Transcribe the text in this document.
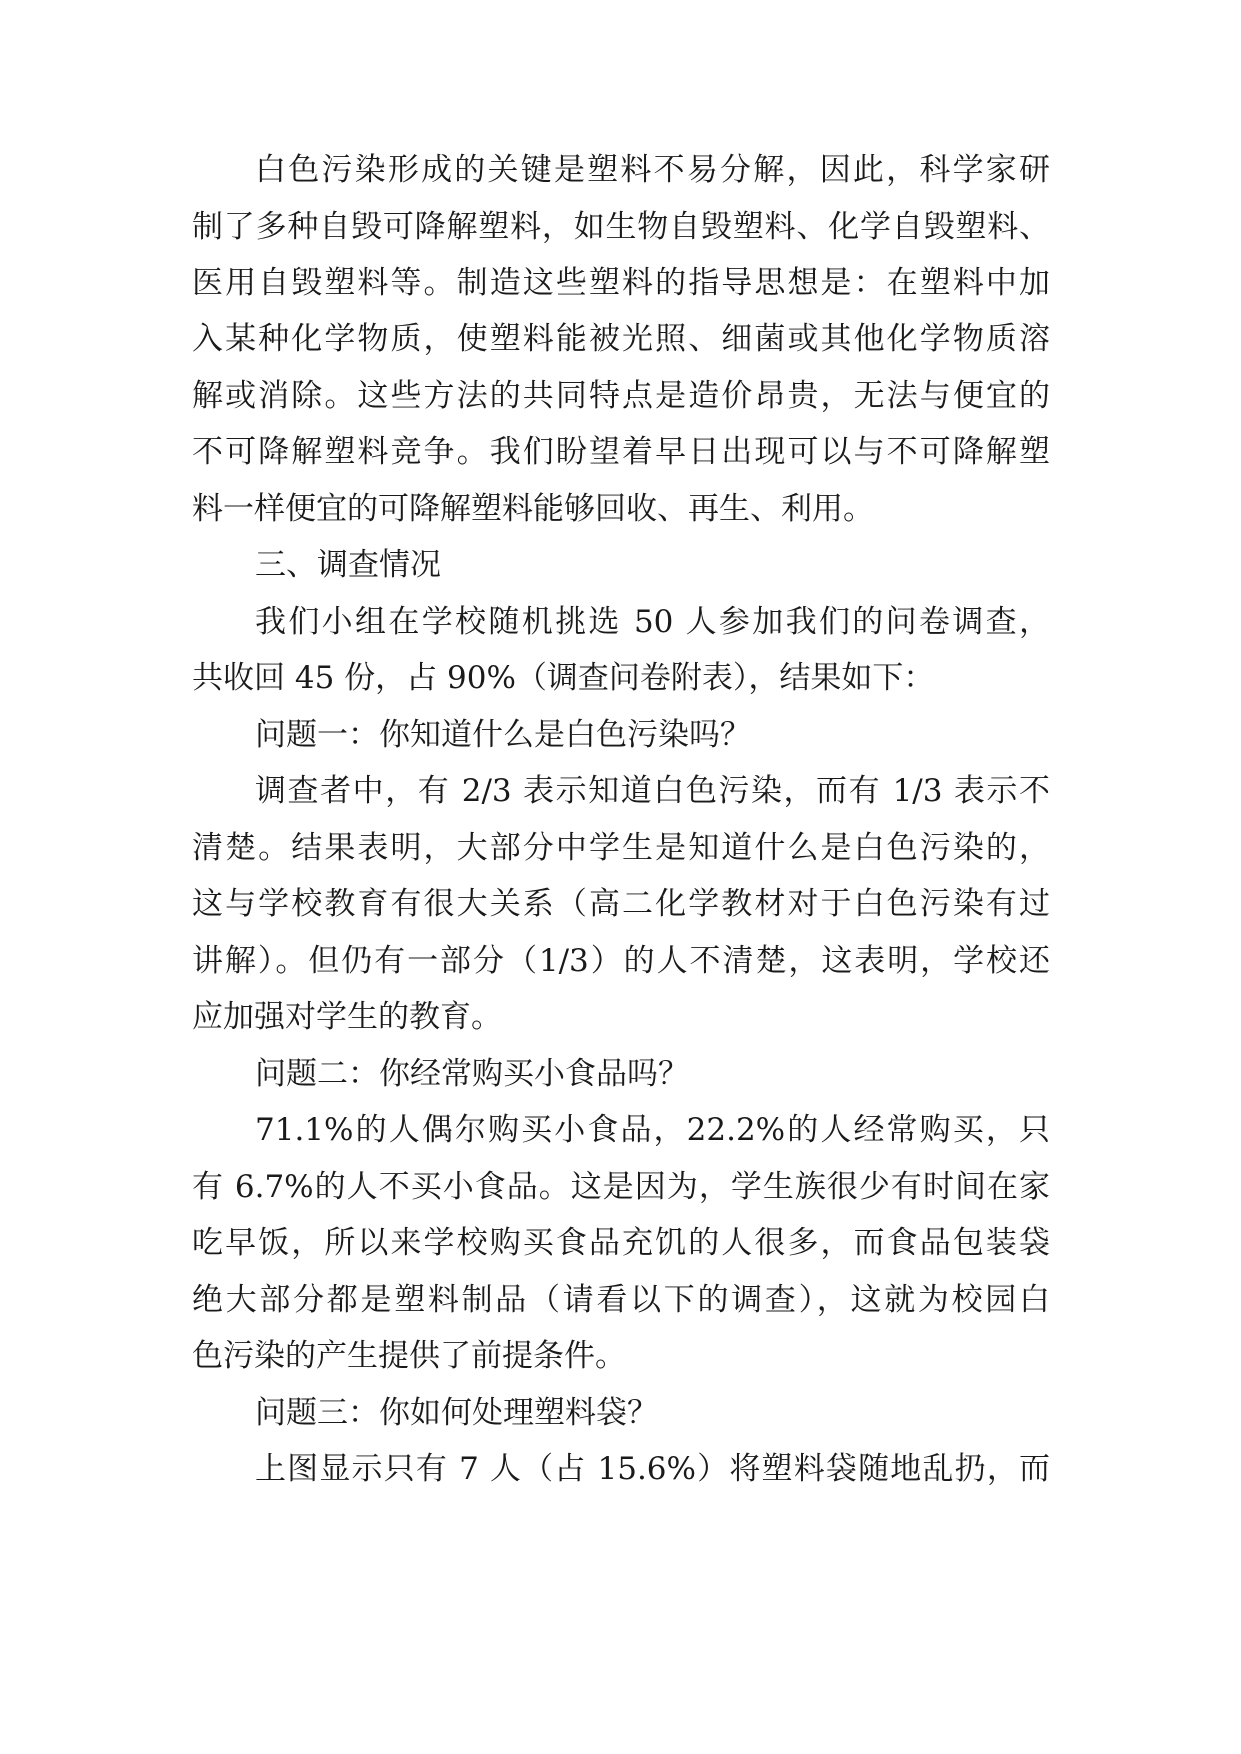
白色污染形成的关键是塑料不易分解，因此，科学家研
制了多种自毁可降解塑料，如生物自毁塑料、化学自毁塑料、
医用自毁塑料等。制造这些塑料的指导思想是：在塑料中加
入某种化学物质，使塑料能被光照、细菌或其他化学物质溶
解或消除。这些方法的共同特点是造价昂贵，无法与便宜的
不可降解塑料竞争。我们盼望着早日出现可以与不可降解塑
料一样便宜的可降解塑料能够回收、再生、利用。
三、调查情况
我们小组在学校随机挑选 50 人参加我们的问卷调查，
共收回 45 份，占 90%（调查问卷附表），结果如下：
问题一：你知道什么是白色污染吗？
调查者中，有 2/3 表示知道白色污染，而有 1/3 表示不
清楚。结果表明，大部分中学生是知道什么是白色污染的，
这与学校教育有很大关系（高二化学教材对于白色污染有过
讲解）。但仍有一部分（1/3）的人不清楚，这表明，学校还
应加强对学生的教育。
问题二：你经常购买小食品吗？
71.1%的人偶尔购买小食品，22.2%的人经常购买，只
有 6.7%的人不买小食品。这是因为，学生族很少有时间在家
吃早饭，所以来学校购买食品充饥的人很多，而食品包装袋
绝大部分都是塑料制品（请看以下的调查），这就为校园白
色污染的产生提供了前提条件。
问题三：你如何处理塑料袋？
上图显示只有 7 人（占 15.6%）将塑料袋随地乱扔，而
